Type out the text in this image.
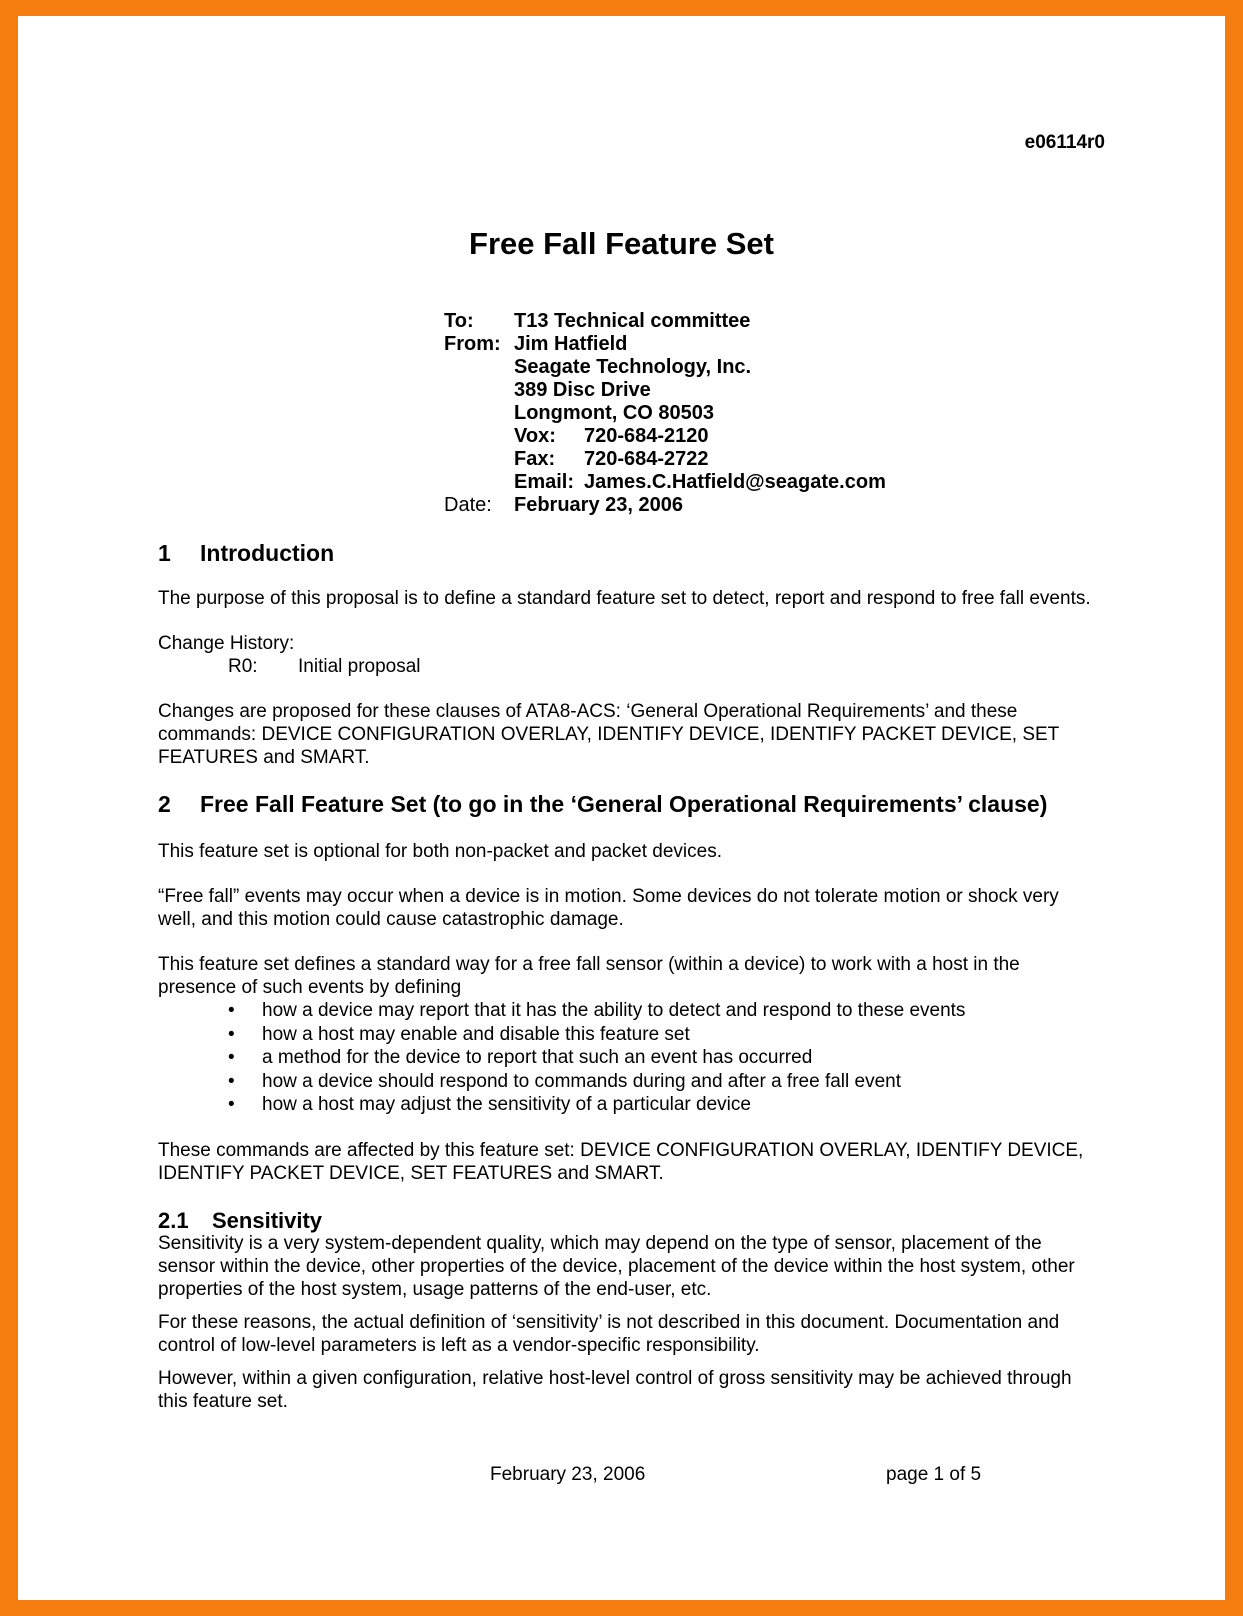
e06114r0
Free Fall Feature Set
To:	T13 Technical committee
From: Jim Hatfield
Seagate Technology, Inc.
389 Disc Drive
Longmont, CO 80503
Vox:	720-684-2120
Fax:	720-684-2722
Email: James.C.Hatfield@seagate.com
Date:	February 23, 2006
1	Introduction

The purpose of this proposal is to define a standard feature set to detect, report and respond to free fall events.

Change History:

R0:	Initial proposal

Changes are proposed for these clauses of ATA8-ACS: ‘General Operational Requirements’ and these commands: DEVICE CONFIGURATION OVERLAY, IDENTIFY DEVICE, IDENTIFY PACKET DEVICE, SET FEATURES and SMART.

2	Free Fall Feature Set (to go in the ‘General Operational Requirements’ clause)

This feature set is optional for both non-packet and packet devices.

“Free fall” events may occur when a device is in motion. Some devices do not tolerate motion or shock very well, and this motion could cause catastrophic damage.

This feature set defines a standard way for a free fall sensor (within a device) to work with a host in the presence of such events by defining

•	how a device may report that it has the ability to detect and respond to these events
•	how a host may enable and disable this feature set
•	a method for the device to report that such an event has occurred
•	how a device should respond to commands during and after a free fall event
•	how a host may adjust the sensitivity of a particular device

These commands are affected by this feature set: DEVICE CONFIGURATION OVERLAY, IDENTIFY DEVICE, IDENTIFY PACKET DEVICE, SET FEATURES and SMART.

2.1	Sensitivity

Sensitivity is a very system-dependent quality, which may depend on the type of sensor, placement of the sensor within the device, other properties of the device, placement of the device within the host system, other properties of the host system, usage patterns of the end-user, etc.

For these reasons, the actual definition of ‘sensitivity’ is not described in this document. Documentation and control of low-level parameters is left as a vendor-specific responsibility.

However, within a given configuration, relative host-level control of gross sensitivity may be achieved through this feature set.

February 23, 2006	page 1 of 5
